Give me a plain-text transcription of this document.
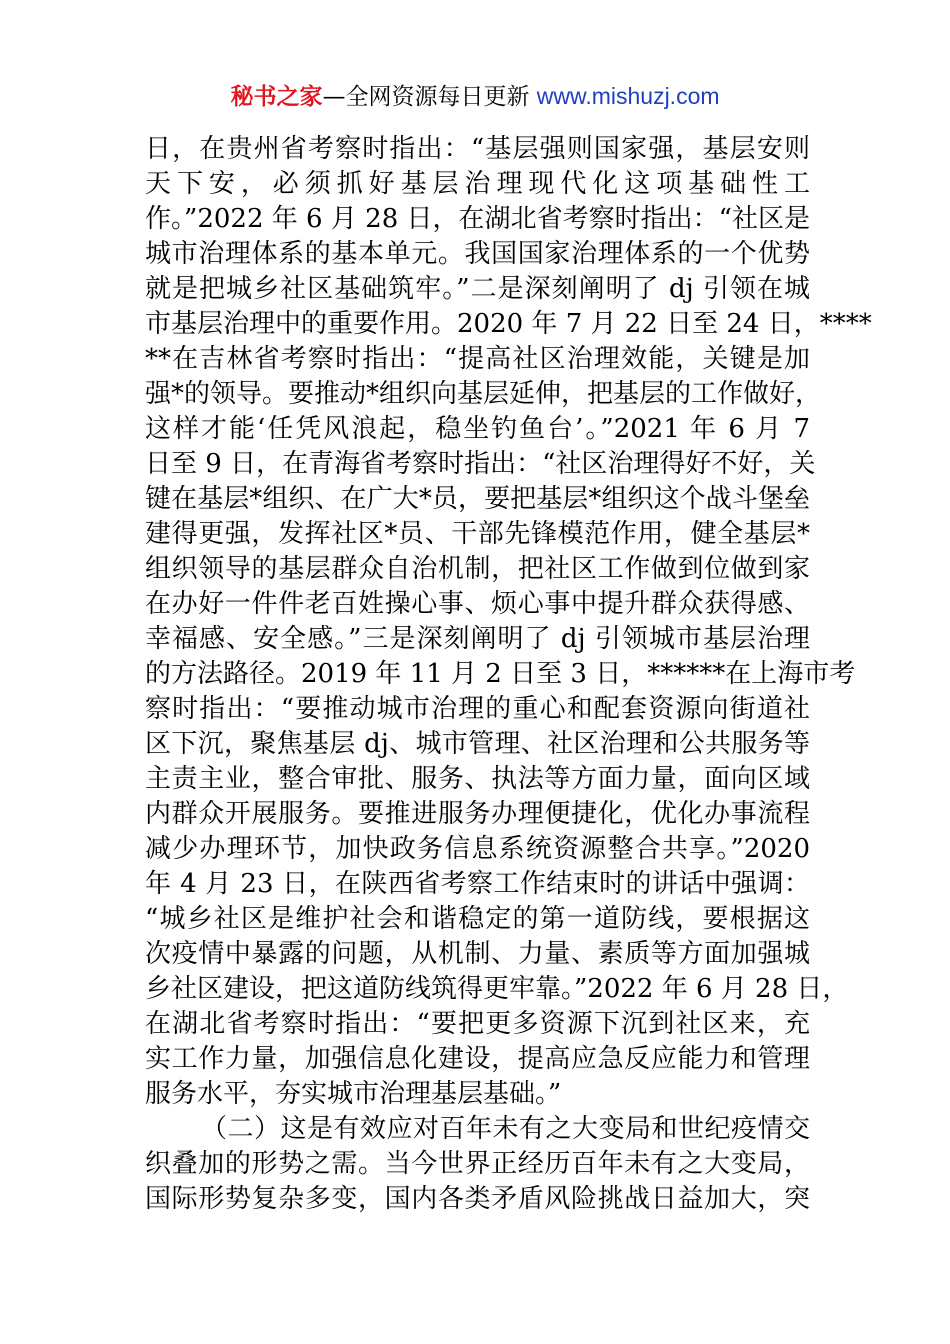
秘书之家—全网资源每日更新 www.mishuzj.com
日，在贵州省考察时指出：“基层强则国家强，基层安则
天下安，必须抓好基层治理现代化这项基础性工
作。”2022 年 6 月 28 日，在湖北省考察时指出：“社区是
城市治理体系的基本单元。我国国家治理体系的一个优势
就是把城乡社区基础筑牢。”二是深刻阐明了 dj 引领在城
市基层治理中的重要作用。2020 年 7 月 22 日至 24 日，****
**在吉林省考察时指出：“提高社区治理效能，关键是加
强*的领导。要推动*组织向基层延伸，把基层的工作做好，
这样才能‘任凭风浪起，稳坐钓鱼台’。”2021 年 6 月 7
日至 9 日，在青海省考察时指出：“社区治理得好不好，关
键在基层*组织、在广大*员，要把基层*组织这个战斗堡垒
建得更强，发挥社区*员、干部先锋模范作用，健全基层*
组织领导的基层群众自治机制，把社区工作做到位做到家
在办好一件件老百姓操心事、烦心事中提升群众获得感、
幸福感、安全感。”三是深刻阐明了 dj 引领城市基层治理
的方法路径。2019 年 11 月 2 日至 3 日，******在上海市考
察时指出：“要推动城市治理的重心和配套资源向街道社
区下沉，聚焦基层 dj、城市管理、社区治理和公共服务等
主责主业，整合审批、服务、执法等方面力量，面向区域
内群众开展服务。要推进服务办理便捷化，优化办事流程
减少办理环节，加快政务信息系统资源整合共享。”2020
年 4 月 23 日，在陕西省考察工作结束时的讲话中强调：
“城乡社区是维护社会和谐稳定的第一道防线，要根据这
次疫情中暴露的问题，从机制、力量、素质等方面加强城
乡社区建设，把这道防线筑得更牢靠。”2022 年 6 月 28 日，
在湖北省考察时指出：“要把更多资源下沉到社区来，充
实工作力量，加强信息化建设，提高应急反应能力和管理
服务水平，夯实城市治理基层基础。”
（二）这是有效应对百年未有之大变局和世纪疫情交
织叠加的形势之需。当今世界正经历百年未有之大变局，
国际形势复杂多变，国内各类矛盾风险挑战日益加大，突
